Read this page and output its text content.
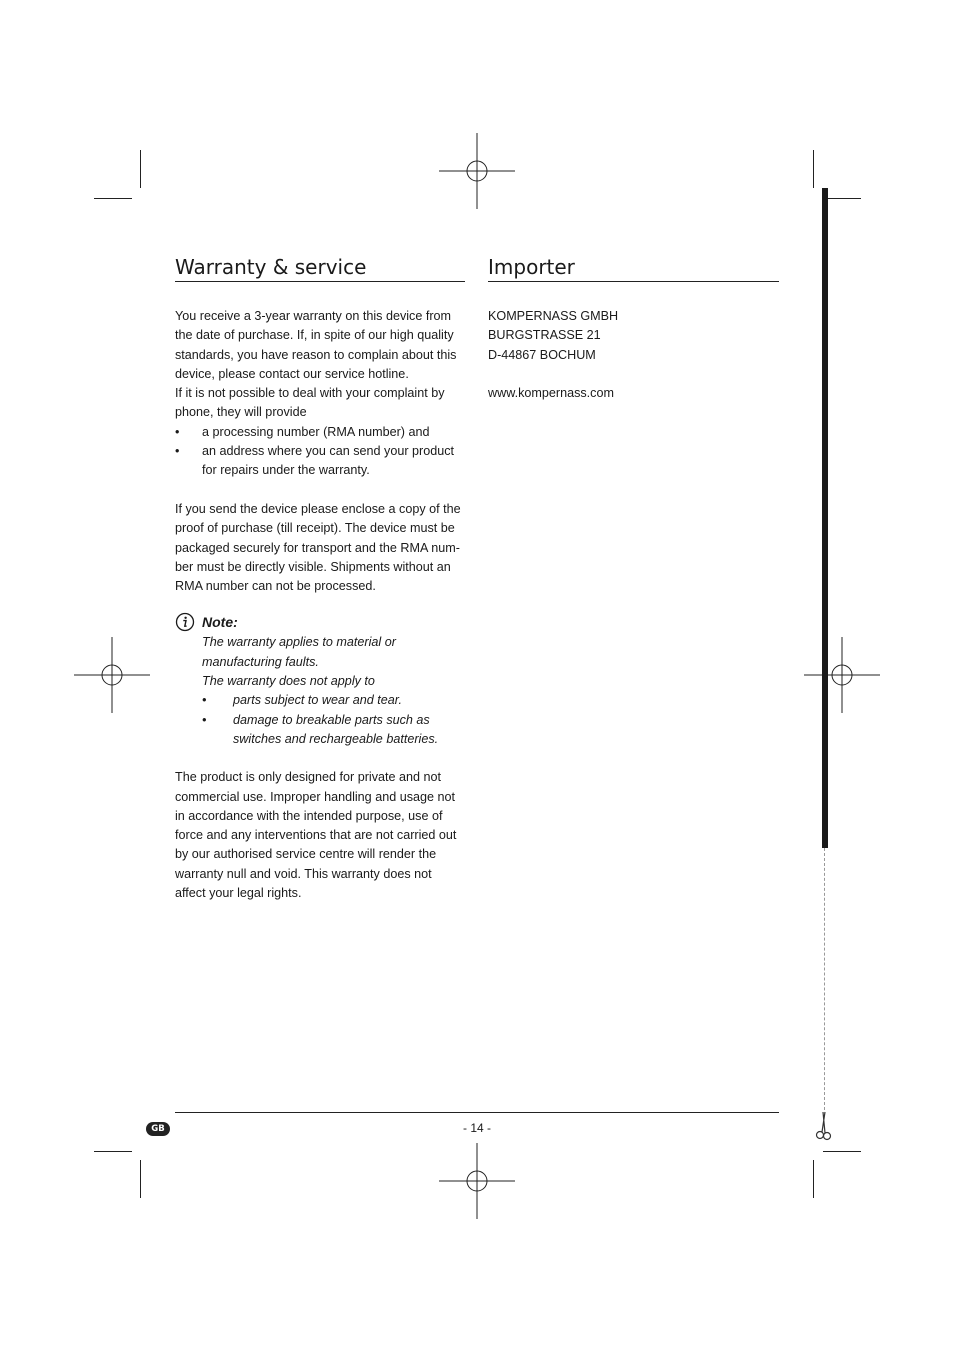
Warranty & service
You receive a 3-year warranty on this device from
the date of purchase. If, in spite of our high quality
standards, you have reason to complain about this
device, please contact our service hotline.
If it is not possible to deal with your complaint by
phone, they will provide
• a processing number (RMA number) and
• an address where you can send your product
for repairs under the warranty.
If you send the device please enclose a copy of the
proof of purchase (till receipt). The device must be
packaged securely for transport and the RMA num-
ber must be directly visible. Shipments without an
RMA number can not be processed.
Note:
The warranty applies to material or
manufacturing faults.
The warranty does not apply to
• parts subject to wear and tear.
• damage to breakable parts such as
switches and rechargeable batteries.
The product is only designed for private and not
commercial use. Improper handling and usage not
in accordance with the intended purpose, use of
force and any interventions that are not carried out
by our authorised service centre will render the
warranty null and void. This warranty does not
affect your legal rights.
Importer
KOMPERNASS GMBH
BURGSTRASSE 21
D-44867 BOCHUM
www.kompernass.com
GB	- 14 -
